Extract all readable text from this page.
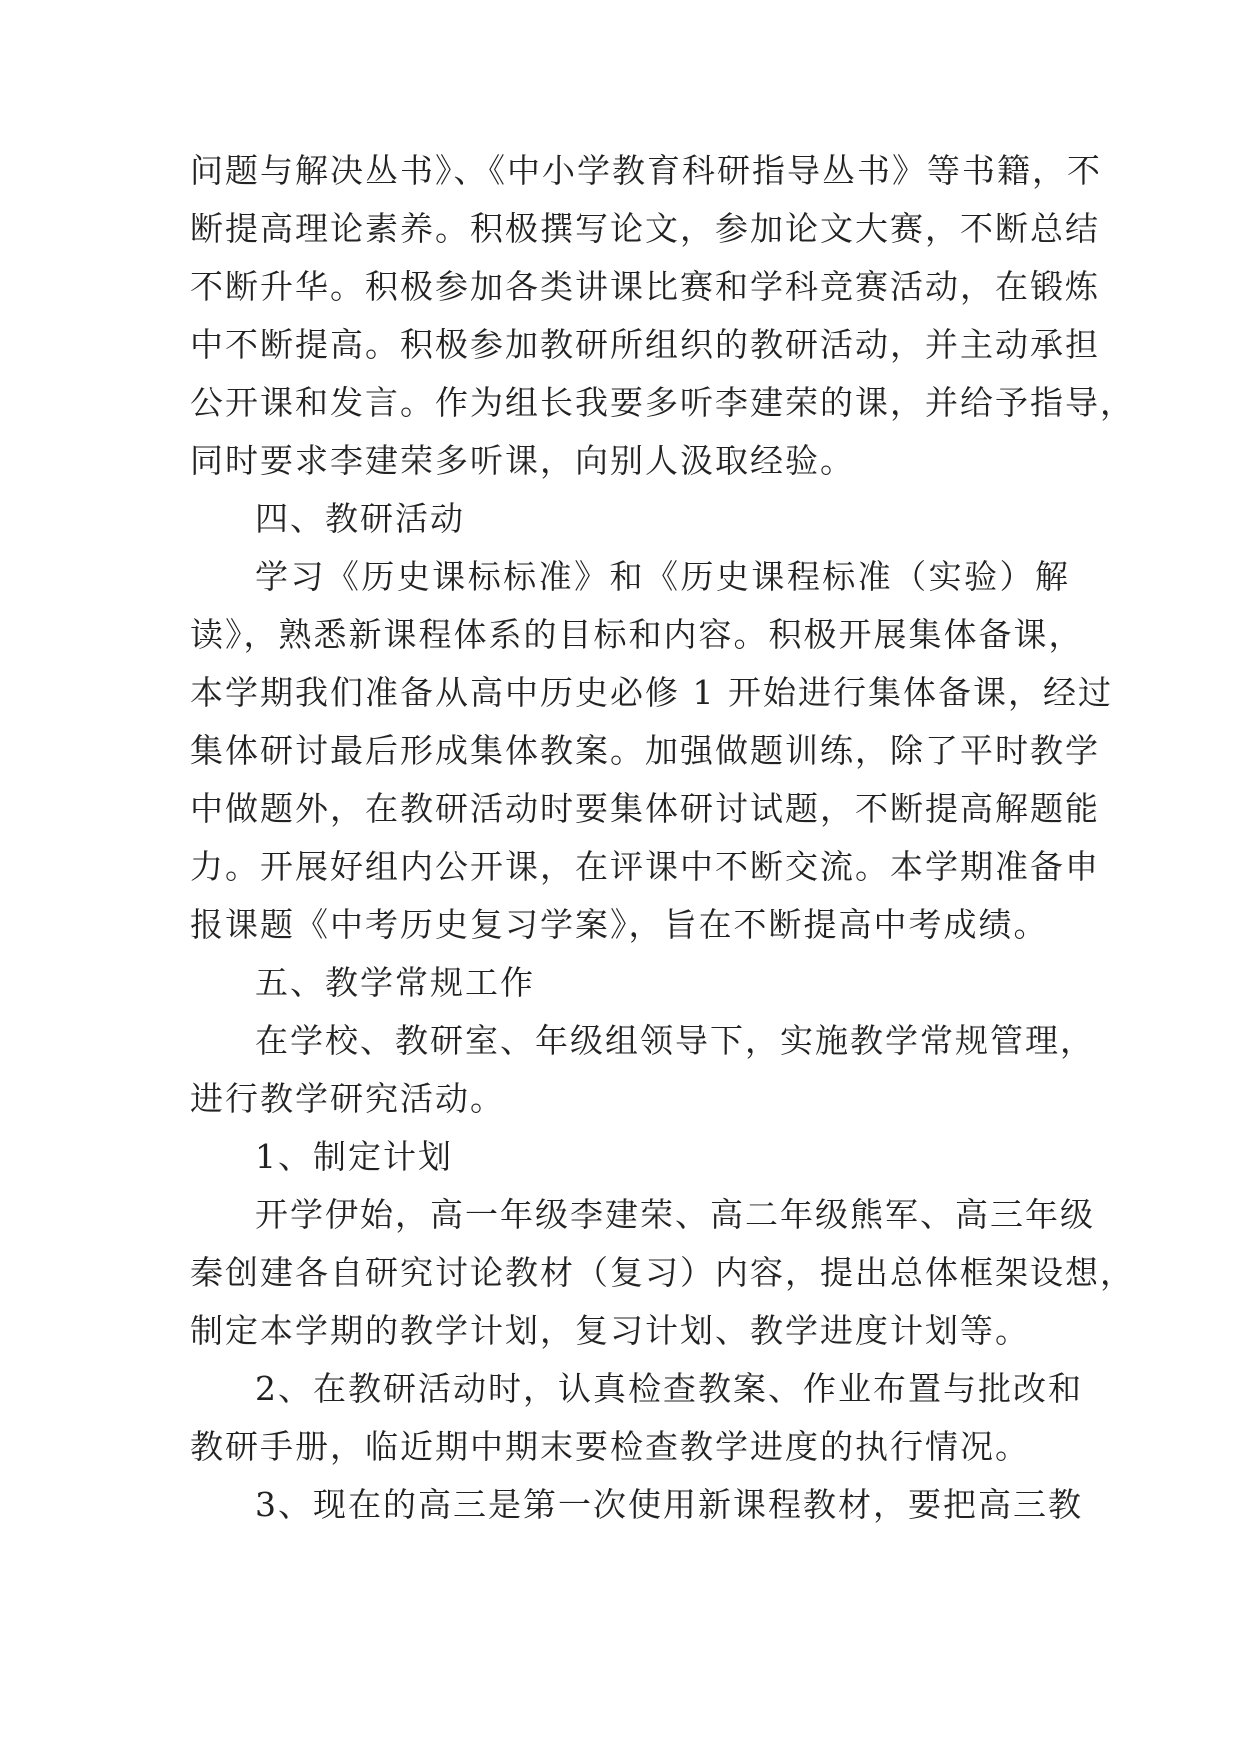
问题与解决丛书》、《中小学教育科研指导丛书》等书籍，不
断提高理论素养。积极撰写论文，参加论文大赛，不断总结
不断升华。积极参加各类讲课比赛和学科竞赛活动，在锻炼
中不断提高。积极参加教研所组织的教研活动，并主动承担
公开课和发言。作为组长我要多听李建荣的课，并给予指导，
同时要求李建荣多听课，向别人汲取经验。
四、教研活动
学习《历史课标标准》和《历史课程标准（实验）解
读》，熟悉新课程体系的目标和内容。积极开展集体备课，
本学期我们准备从高中历史必修 1 开始进行集体备课，经过
集体研讨最后形成集体教案。加强做题训练，除了平时教学
中做题外，在教研活动时要集体研讨试题，不断提高解题能
力。开展好组内公开课，在评课中不断交流。本学期准备申
报课题《中考历史复习学案》，旨在不断提高中考成绩。
五、教学常规工作
在学校、教研室、年级组领导下，实施教学常规管理，
进行教学研究活动。
1、制定计划
开学伊始，高一年级李建荣、高二年级熊军、高三年级
秦创建各自研究讨论教材（复习）内容，提出总体框架设想，
制定本学期的教学计划，复习计划、教学进度计划等。
2、在教研活动时，认真检查教案、作业布置与批改和
教研手册，临近期中期末要检查教学进度的执行情况。
3、现在的高三是第一次使用新课程教材，要把高三教
